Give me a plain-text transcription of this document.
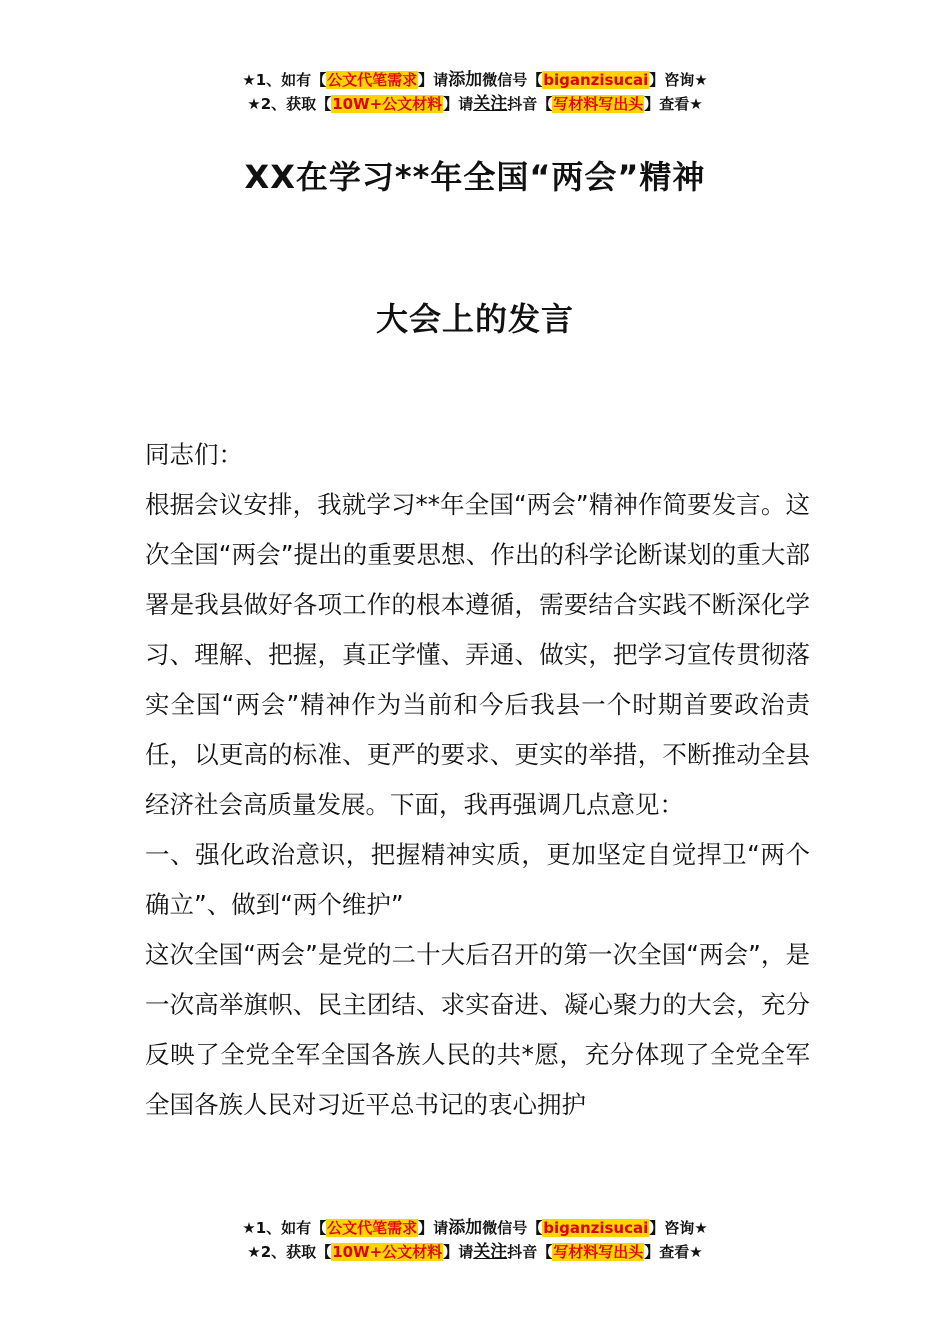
★1、如有【公文代笔需求】请添加微信号【biganzisucai】咨询★
★2、获取【10W+公文材料】请关注抖音【写材料写出头】查看★
XX在学习**年全国“两会”精神
大会上的发言

同志们：

根据会议安排，我就学习**年全国“两会”精神作简要发言。这次全国“两会”提出的重要思想、作出的科学论断谋划的重大部署是我县做好各项工作的根本遵循，需要结合实践不断深化学习、理解、把握，真正学懂、弄通、做实，把学习宣传贯彻落实全国“两会”精神作为当前和今后我县一个时期首要政治责任，以更高的标准、更严的要求、更实的举措，不断推动全县经济社会高质量发展。下面，我再强调几点意见：

一、强化政治意识，把握精神实质，更加坚定自觉捍卫“两个确立”、做到“两个维护”

这次全国“两会”是党的二十大后召开的第一次全国“两会”，是一次高举旗帜、民主团结、求实奋进、凝心聚力的大会，充分反映了全党全军全国各族人民的共*愿，充分体现了全党全军全国各族人民对习近平总书记的衷心拥护

★1、如有【公文代笔需求】请添加微信号【biganzisucai】咨询★
★2、获取【10W+公文材料】请关注抖音【写材料写出头】查看★
